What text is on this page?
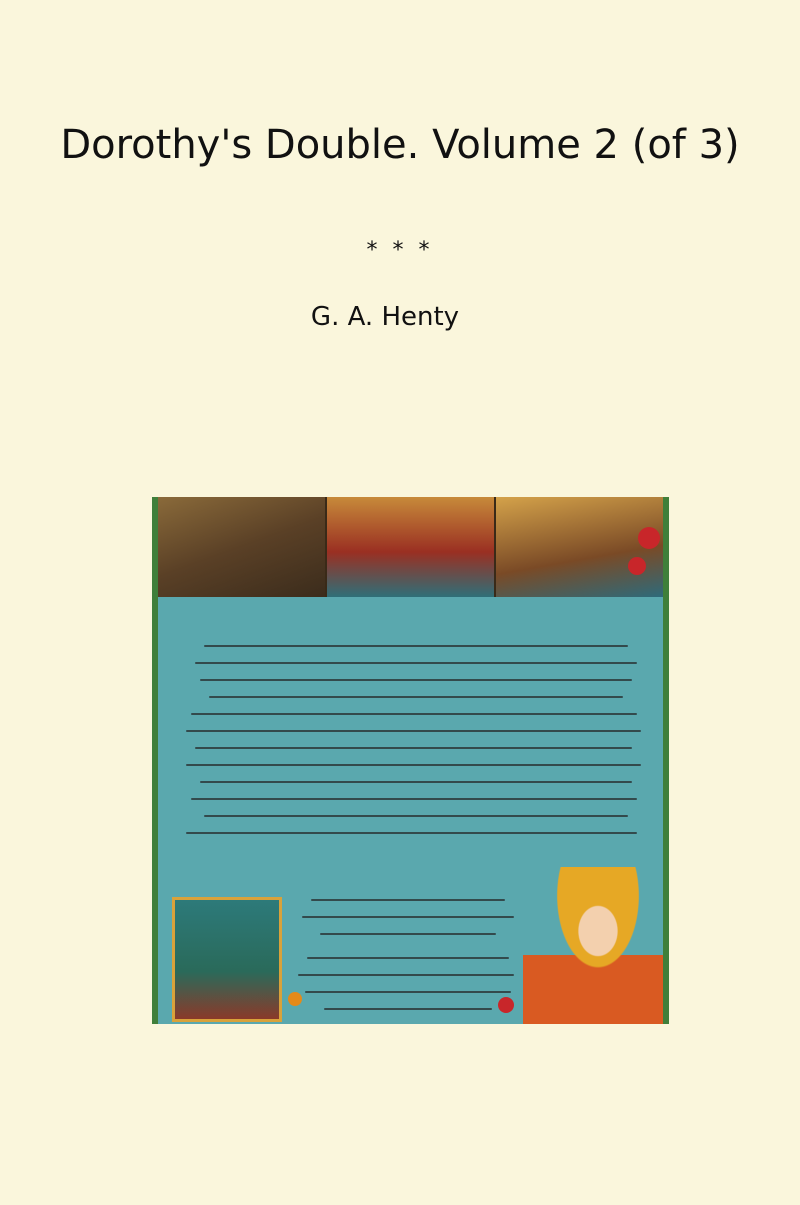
Dorothy's Double. Volume 2 (of 3)
* * *
G. A. Henty
